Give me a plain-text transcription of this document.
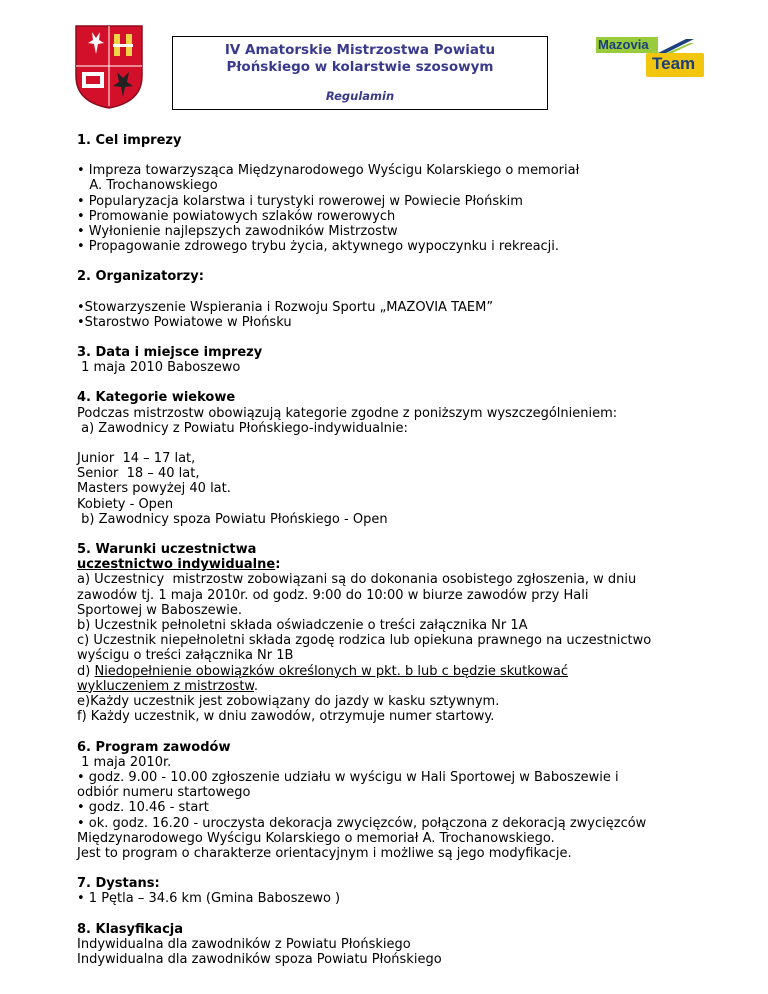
IV Amatorskie Mistrzostwa Powiatu
Płońskiego w kolarstwie szosowym
Regulamin
Mazovia
Team

1. Cel imprezy

• Impreza towarzysząca Międzynarodowego Wyścigu Kolarskiego o memoriał

A. Trochanowskiego

• Popularyzacja kolarstwa i turystyki rowerowej w Powiecie Płońskim

• Promowanie powiatowych szlaków rowerowych

• Wyłonienie najlepszych zawodników Mistrzostw

• Propagowanie zdrowego trybu życia, aktywnego wypoczynku i rekreacji.

2. Organizatorzy:

•Stowarzyszenie Wspierania i Rozwoju Sportu „MAZOVIA TAEM”

•Starostwo Powiatowe w Płońsku

3. Data i miejsce imprezy

1 maja 2010 Baboszewo

4. Kategorie wiekowe

Podczas mistrzostw obowiązują kategorie zgodne z poniższym wyszczególnieniem:

a) Zawodnicy z Powiatu Płońskiego-indywidualnie:

Junior  14 – 17 lat,

Senior  18 – 40 lat,

Masters powyżej 40 lat.

Kobiety - Open

b) Zawodnicy spoza Powiatu Płońskiego - Open

5. Warunki uczestnictwa

uczestnictwo indywidualne:

a) Uczestnicy  mistrzostw zobowiązani są do dokonania osobistego zgłoszenia, w dniu

zawodów tj. 1 maja 2010r. od godz. 9:00 do 10:00 w biurze zawodów przy Hali

Sportowej w Baboszewie.

b) Uczestnik pełnoletni składa oświadczenie o treści załącznika Nr 1A

c) Uczestnik niepełnoletni składa zgodę rodzica lub opiekuna prawnego na uczestnictwo

wyścigu o treści załącznika Nr 1B

d) Niedopełnienie obowiązków określonych w pkt. b lub c będzie skutkować

wykluczeniem z mistrzostw.

e)Każdy uczestnik jest zobowiązany do jazdy w kasku sztywnym.

f) Każdy uczestnik, w dniu zawodów, otrzymuje numer startowy.

6. Program zawodów

1 maja 2010r.

• godz. 9.00 - 10.00 zgłoszenie udziału w wyścigu w Hali Sportowej w Baboszewie i

odbiór numeru startowego

• godz. 10.46 - start

• ok. godz. 16.20 - uroczysta dekoracja zwycięzców, połączona z dekoracją zwycięzców

Międzynarodowego Wyścigu Kolarskiego o memoriał A. Trochanowskiego.

Jest to program o charakterze orientacyjnym i możliwe są jego modyfikacje.

7. Dystans:

• 1 Pętla – 34.6 km (Gmina Baboszewo )

8. Klasyfikacja

Indywidualna dla zawodników z Powiatu Płońskiego

Indywidualna dla zawodników spoza Powiatu Płońskiego
